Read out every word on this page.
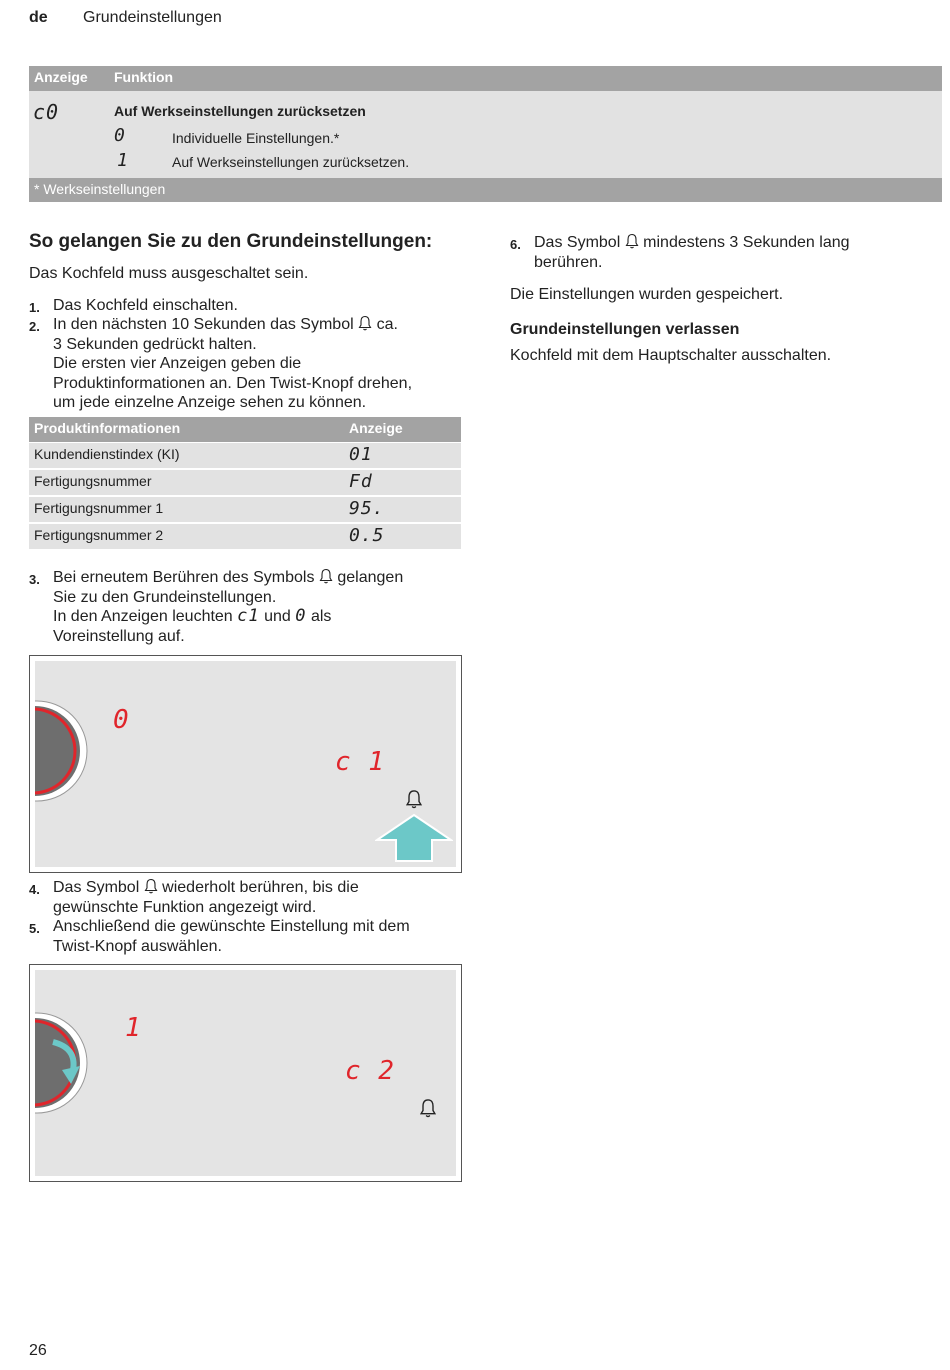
de Grundeinstellungen
Anzeige Funktion
c0	Auf Werkseinstellungen zurücksetzen
0	Individuelle Einstellungen.*
1	Auf Werkseinstellungen zurücksetzen.
* Werkseinstellungen
So gelangen Sie zu den Grundeinstellungen:
Das Kochfeld muss ausgeschaltet sein.
1. Das Kochfeld einschalten.
2. In den nächsten 10 Sekunden das Symbol ca.
3 Sekunden gedrückt halten.
Die ersten vier Anzeigen geben die
Produktinformationen an. Den Twist-Knopf drehen,
um jede einzelne Anzeige sehen zu können.
Produktinformationen	Anzeige
Kundendienstindex (KI)	01
Fertigungsnummer	Fd
Fertigungsnummer 1	95.
Fertigungsnummer 2	0.5
3. Bei erneutem Berühren des Symbols gelangen
Sie zu den Grundeinstellungen.
In den Anzeigen leuchten c1 und 0 als
Voreinstellung auf.
0
c 1
4. Das Symbol wiederholt berühren, bis die
gewünschte Funktion angezeigt wird.
5. Anschließend die gewünschte Einstellung mit dem
Twist-Knopf auswählen.
1
c 2
6. Das Symbol mindestens 3 Sekunden lang
berühren.
Die Einstellungen wurden gespeichert.
Grundeinstellungen verlassen
Kochfeld mit dem Hauptschalter ausschalten.
26
